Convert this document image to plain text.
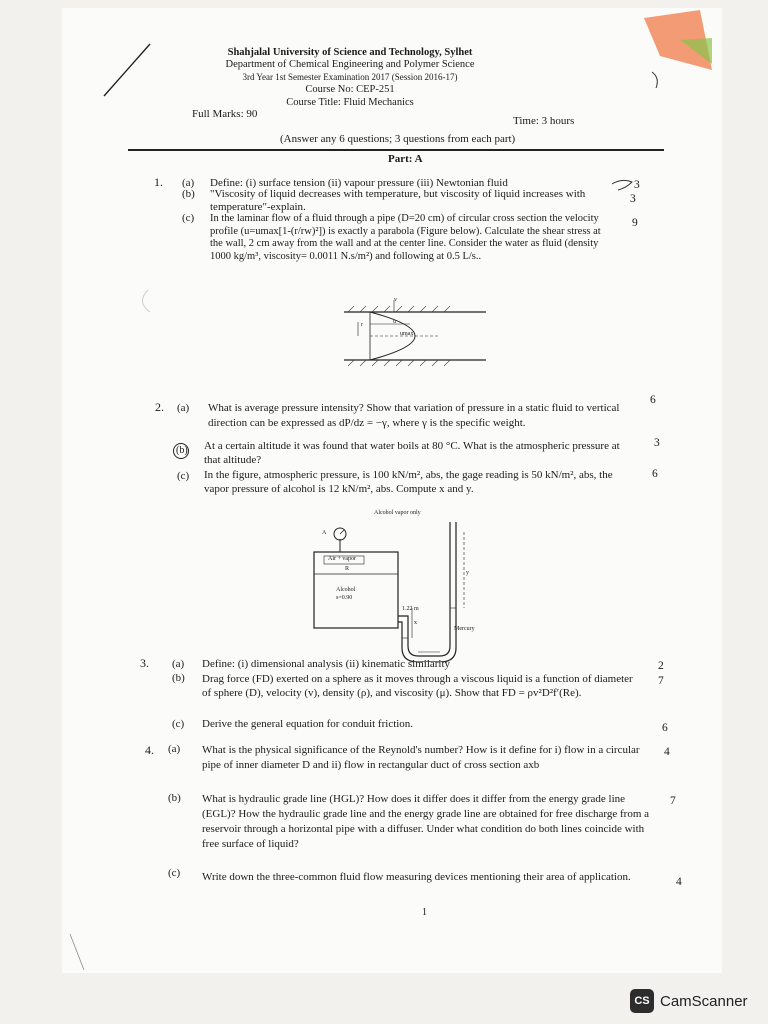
Shahjalal University of Science and Technology, Sylhet
Department of Chemical Engineering and Polymer Science
3rd Year 1st Semester Examination 2017 (Session 2016-17)
Course No: CEP-251
Course Title: Fluid Mechanics
Full Marks: 90
Time: 3 hours
(Answer any 6 questions; 3 questions from each part)
Part: A
1. (a) Define: (i) surface tension (ii) vapour pressure (iii) Newtonian fluid	3
(b) "Viscosity of liquid decreases with temperature, but viscosity of liquid increases with temperature"-explain.
3
(c) In the laminar flow of a fluid through a pipe (D=20 cm) of circular cross section the velocity profile (u=umax[1-(r/rw)²]) is exactly a parabola (Figure below). Calculate the shear stress at the wall, 2 cm away from the wall and at the center line. Consider the water as fluid (density 1000 kg/m³, viscosity= 0.0011 N.s/m²) and following at 0.5 L/s..
9
v
r	u
umax
2. (a) What is average pressure intensity? Show that variation of pressure in a static fluid to vertical direction can be expressed as dP/dz = −γ, where γ is the specific weight.
6
(b) At a certain altitude it was found that water boils at 80 °C. What is the atmospheric pressure at that altitude?
3
(c) In the figure, atmospheric pressure, is 100 kN/m², abs, the gage reading is 50 kN/m², abs, the vapor pressure of alcohol is 12 kN/m², abs. Compute x and y.
6
Alcohol vapor only
A
Air + vapor
R
Alcohol
s=0.90
y
x
1.22 m
Mercury
3. (a) Define: (i) dimensional analysis (ii) kinematic similarity	2
(b) Drag force (FD) exerted on a sphere as it moves through a viscous liquid is a function of diameter of sphere (D), velocity (v), density (ρ), and viscosity (μ). Show that FD = ρv²D²f′(Re).
7
(c) Derive the general equation for conduit friction.	6
4. (a) What is the physical significance of the Reynold's number? How is it define for i) flow in a circular pipe of inner diameter D and ii) flow in rectangular duct of cross section axb
4
(b) What is hydraulic grade line (HGL)? How does it differ does it differ from the energy grade line (EGL)? How the hydraulic grade line and the energy grade line are obtained for free discharge from a reservoir through a horizontal pipe with a diffuser. Under what condition do both lines coincide with free surface of liquid?
7
(c) Write down the three-common fluid flow measuring devices mentioning their area of application.	4
1
CS CamScanner
